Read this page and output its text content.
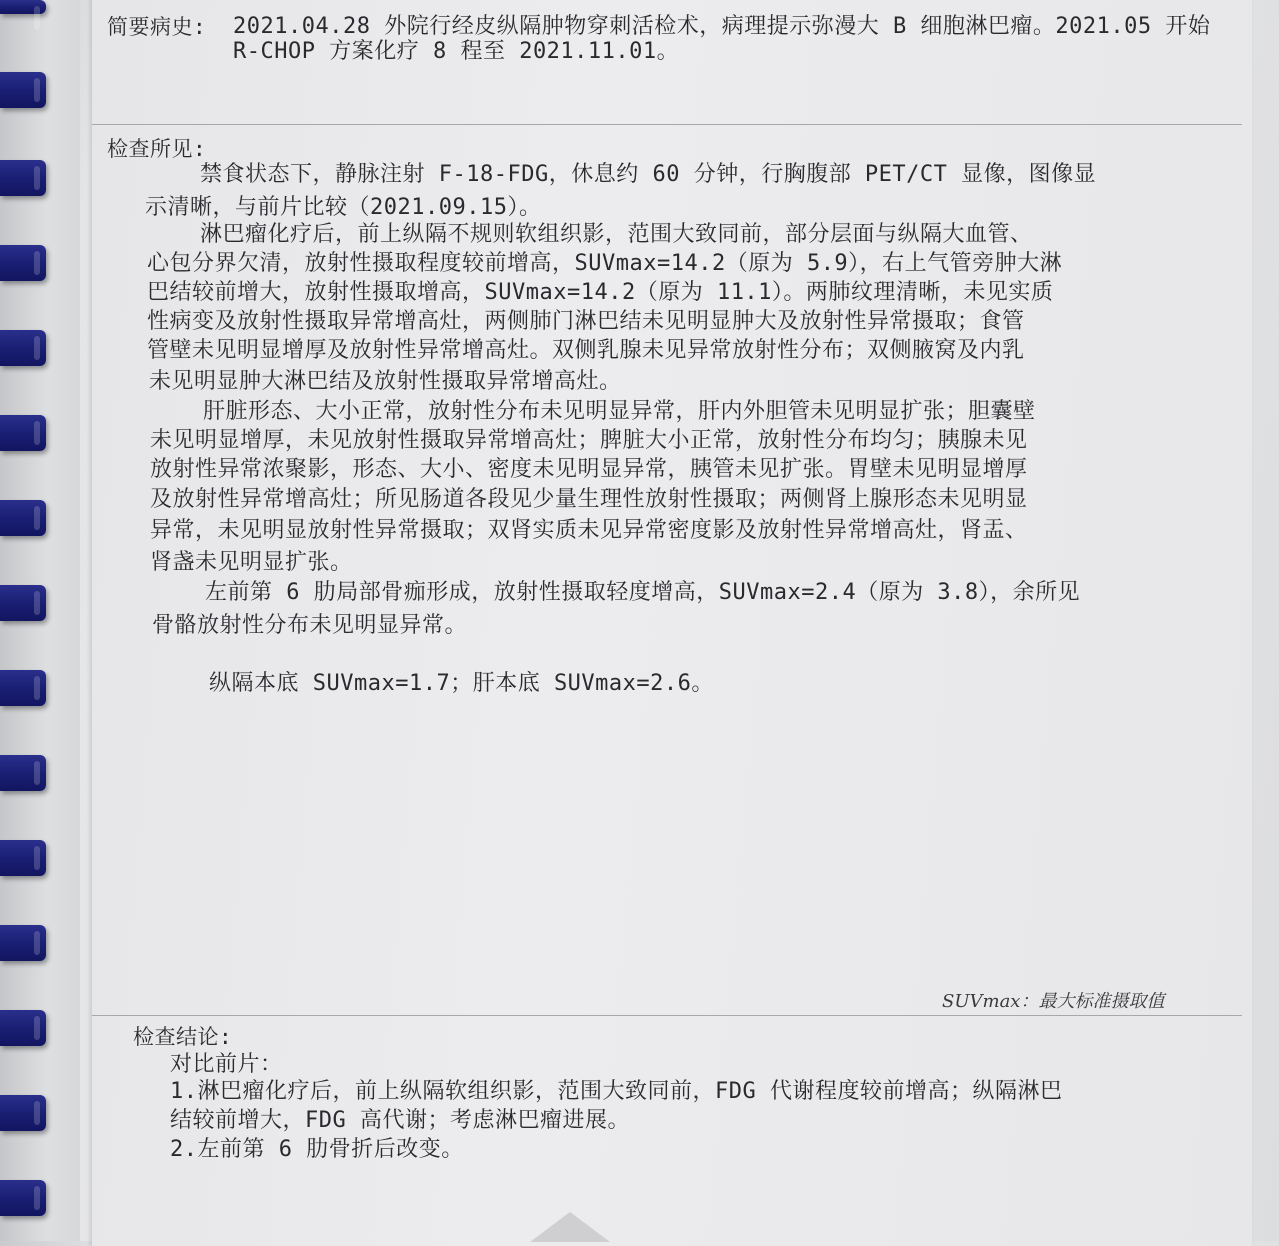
简要病史: 2021.04.28 外院行经皮纵隔肿物穿刺活检术，病理提示弥漫大 B 细胞淋巴瘤。2021.05 开始
R-CHOP 方案化疗 8 程至 2021.11.01。
检查所见:
禁食状态下，静脉注射 F-18-FDG，休息约 60 分钟，行胸腹部 PET/CT 显像，图像显
示清晰，与前片比较（2021.09.15）。
淋巴瘤化疗后，前上纵隔不规则软组织影，范围大致同前，部分层面与纵隔大血管、
心包分界欠清，放射性摄取程度较前增高，SUVmax=14.2（原为 5.9），右上气管旁肿大淋
巴结较前增大，放射性摄取增高，SUVmax=14.2（原为 11.1）。两肺纹理清晰，未见实质
性病变及放射性摄取异常增高灶，两侧肺门淋巴结未见明显肿大及放射性异常摄取；食管
管壁未见明显增厚及放射性异常增高灶。双侧乳腺未见异常放射性分布；双侧腋窝及内乳
未见明显肿大淋巴结及放射性摄取异常增高灶。
肝脏形态、大小正常，放射性分布未见明显异常，肝内外胆管未见明显扩张；胆囊壁
未见明显增厚，未见放射性摄取异常增高灶；脾脏大小正常，放射性分布均匀；胰腺未见
放射性异常浓聚影，形态、大小、密度未见明显异常，胰管未见扩张。胃壁未见明显增厚
及放射性异常增高灶；所见肠道各段见少量生理性放射性摄取；两侧肾上腺形态未见明显
异常，未见明显放射性异常摄取；双肾实质未见异常密度影及放射性异常增高灶，肾盂、
肾盏未见明显扩张。
左前第 6 肋局部骨痂形成，放射性摄取轻度增高，SUVmax=2.4（原为 3.8），余所见
骨骼放射性分布未见明显异常。
纵隔本底 SUVmax=1.7；肝本底 SUVmax=2.6。
SUVmax：最大标准摄取值
检查结论:
对比前片：
1.淋巴瘤化疗后，前上纵隔软组织影，范围大致同前，FDG 代谢程度较前增高；纵隔淋巴
结较前增大，FDG 高代谢；考虑淋巴瘤进展。
2.左前第 6 肋骨折后改变。
